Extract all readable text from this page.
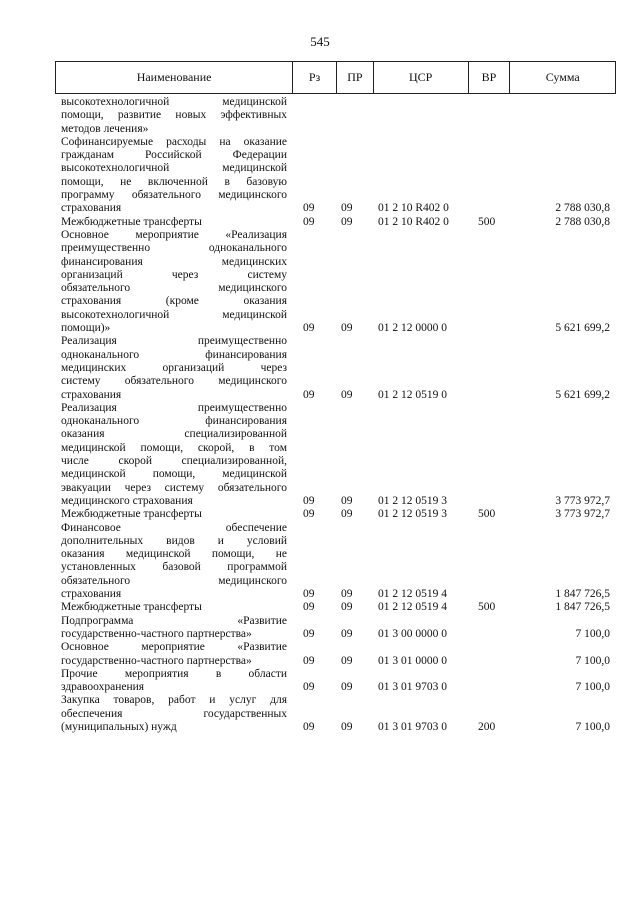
545
Наименование	Рз	ПР	ЦСР	ВР	Сумма
высокотехнологичной медицинской
помощи, развитие новых эффективных
методов лечения»
Софинансируемые расходы на оказание
гражданам Российской Федерации
высокотехнологичной медицинской
помощи, не включенной в базовую
программу обязательного медицинского
страхования	09 09 01 2 10 R402 0	2 788 030,8
Межбюджетные трансферты	09 09 01 2 10 R402 0	500	2 788 030,8
Основное мероприятие «Реализация
преимущественно одноканального
финансирования медицинских
организаций через систему
обязательного медицинского
страхования (кроме оказания
высокотехнологичной медицинской
помощи)»	09 09 01 2 12 0000 0	5 621 699,2
Реализация преимущественно
одноканального финансирования
медицинских организаций через
систему обязательного медицинского
страхования	09 09 01 2 12 0519 0	5 621 699,2
Реализация преимущественно
одноканального финансирования
оказания специализированной
медицинской помощи, скорой, в том
числе скорой специализированной,
медицинской помощи, медицинской
эвакуации через систему обязательного
медицинского страхования	09 09 01 2 12 0519 3	3 773 972,7
Межбюджетные трансферты	09 09 01 2 12 0519 3	500	3 773 972,7
Финансовое обеспечение
дополнительных видов и условий
оказания медицинской помощи, не
установленных базовой программой
обязательного медицинского
страхования	09 09 01 2 12 0519 4	1 847 726,5
Межбюджетные трансферты	09 09 01 2 12 0519 4	500	1 847 726,5
Подпрограмма «Развитие
государственно-частного партнерства»	09 09 01 3 00 0000 0	7 100,0
Основное мероприятие «Развитие
государственно-частного партнерства»	09 09 01 3 01 0000 0	7 100,0
Прочие мероприятия в области
здравоохранения	09 09 01 3 01 9703 0	7 100,0
Закупка товаров, работ и услуг для
обеспечения государственных
(муниципальных) нужд	09 09 01 3 01 9703 0	200	7 100,0
